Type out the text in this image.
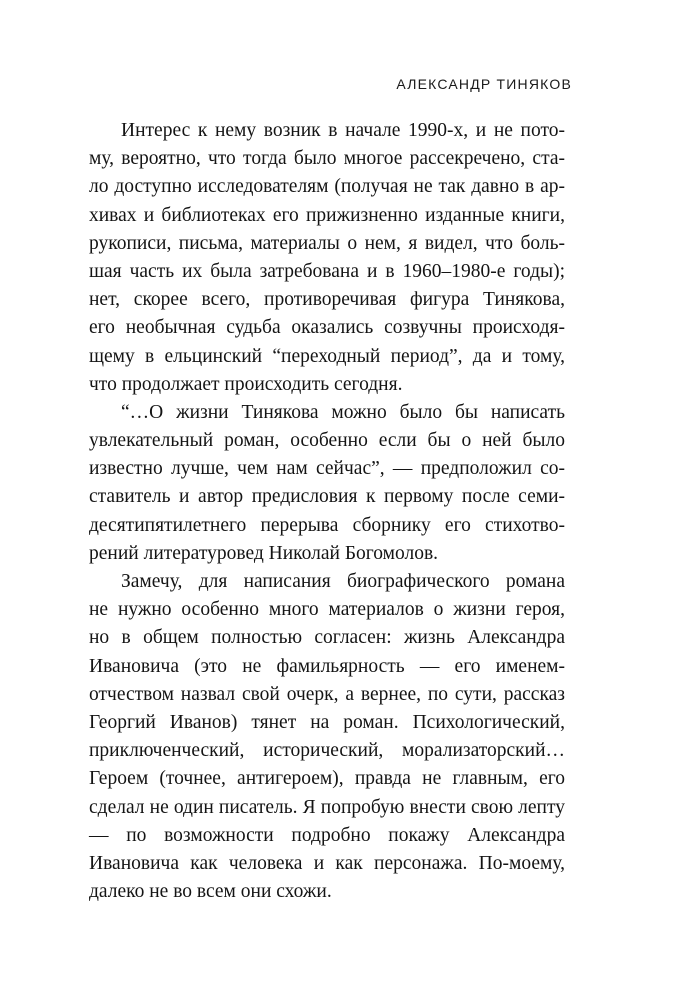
АЛЕКСАНДР ТИНЯКОВ

Интерес к нему возник в начале 1990-х, и не пото-
му, вероятно, что тогда было многое рассекречено, ста-
ло доступно исследователям (получая не так давно в ар-
хивах и библиотеках его прижизненно изданные книги,
рукописи, письма, материалы о нем, я видел, что боль-
шая часть их была затребована и в 1960–1980-е годы);
нет, скорее всего, противоречивая фигура Тинякова,
его необычная судьба оказались созвучны происходя-
щему в ельцинский “переходный период”, да и тому,
что продолжает происходить сегодня.

“…О жизни Тинякова можно было бы написать
увлекательный роман, особенно если бы о ней было
известно лучше, чем нам сейчас”, — предположил со-
ставитель и автор предисловия к первому после семи-
десятипятилетнего перерыва сборнику его стихотво-
рений литературовед Николай Богомолов.

Замечу, для написания биографического романа
не нужно особенно много материалов о жизни героя,
но в общем полностью согласен: жизнь Александра
Ивановича (это не фамильярность — его именем-
отчеством назвал свой очерк, а вернее, по сути, рассказ
Георгий Иванов) тянет на роман. Психологический,
приключенческий, исторический, морализаторский…
Героем (точнее, антигероем), правда не главным, его
сделал не один писатель. Я попробую внести свою лепту
— по возможности подробно покажу Александра
Ивановича как человека и как персонажа. По-моему,
далеко не во всем они схожи.
